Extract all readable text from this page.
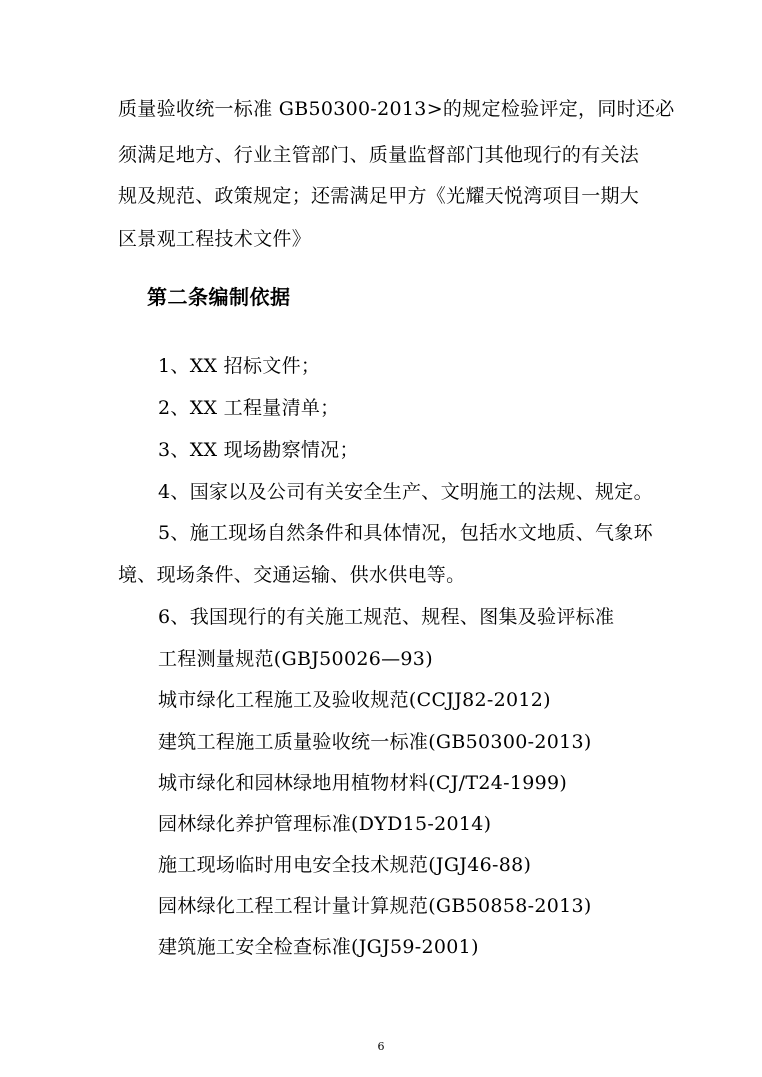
质量验收统一标准 GB50300-2013>的规定检验评定，同时还必
须满足地方、行业主管部门、质量监督部门其他现行的有关法
规及规范、政策规定；还需满足甲方《光耀天悦湾项目一期大
区景观工程技术文件》
第二条编制依据
1、XX 招标文件；
2、XX 工程量清单；
3、XX 现场勘察情况；
4、国家以及公司有关安全生产、文明施工的法规、规定。
5、施工现场自然条件和具体情况，包括水文地质、气象环
境、现场条件、交通运输、供水供电等。
6、我国现行的有关施工规范、规程、图集及验评标准
工程测量规范(GBJ50026—93)
城市绿化工程施工及验收规范(CCJJ82-2012)
建筑工程施工质量验收统一标准(GB50300-2013)
城市绿化和园林绿地用植物材料(CJ/T24-1999)
园林绿化养护管理标准(DYD15-2014)
施工现场临时用电安全技术规范(JGJ46-88)
园林绿化工程工程计量计算规范(GB50858-2013)
建筑施工安全检查标准(JGJ59-2001)
6
